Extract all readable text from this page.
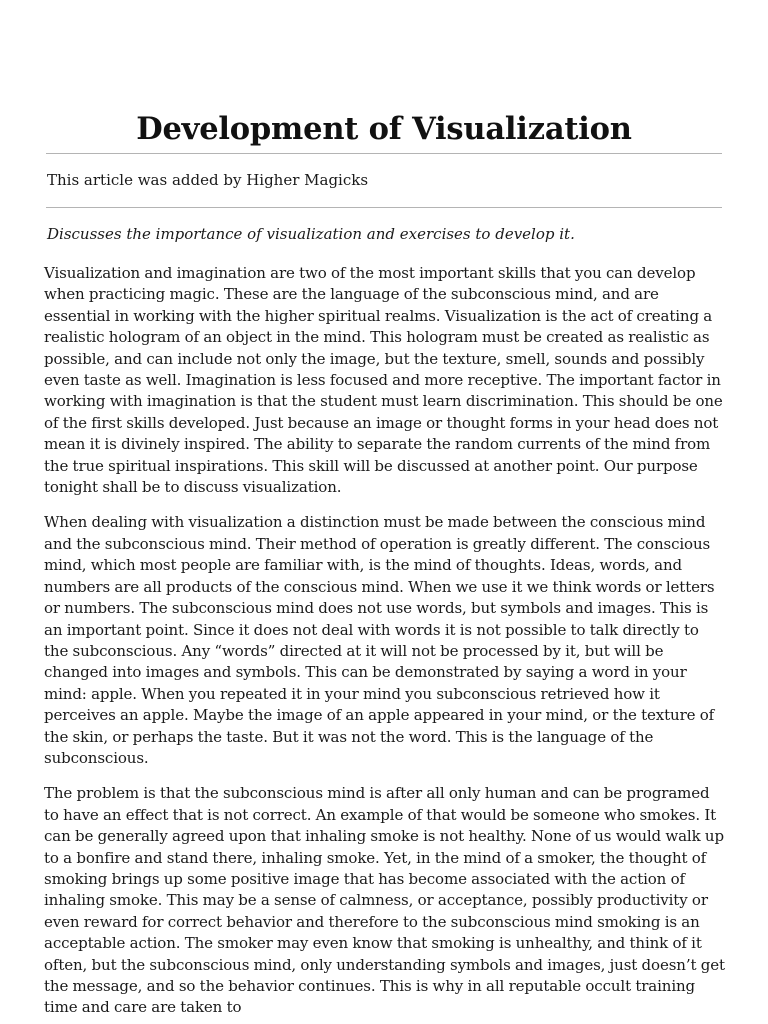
Development of Visualization
This article was added by Higher Magicks
Discusses the importance of visualization and exercises to develop it.

Visualization and imagination are two of the most important skills that you can develop when practicing magic. These are the language of the subconscious mind, and are essential in working with the higher spiritual realms. Visualization is the act of creating a realistic hologram of an object in the mind. This hologram must be created as realistic as possible, and can include not only the image, but the texture, smell, sounds and possibly even taste as well. Imagination is less focused and more receptive. The important factor in working with imagination is that the student must learn discrimination. This should be one of the first skills developed. Just because an image or thought forms in your head does not mean it is divinely inspired. The ability to separate the random currents of the mind from the true spiritual inspirations. This skill will be discussed at another point. Our purpose tonight shall be to discuss visualization.

When dealing with visualization a distinction must be made between the conscious mind and the subconscious mind. Their method of operation is greatly different. The conscious mind, which most people are familiar with, is the mind of thoughts. Ideas, words, and numbers are all products of the conscious mind. When we use it we think words or letters or numbers. The subconscious mind does not use words, but symbols and images. This is an important point. Since it does not deal with words it is not possible to talk directly to the subconscious. Any “words” directed at it will not be processed by it, but will be changed into images and symbols. This can be demonstrated by saying a word in your mind: apple. When you repeated it in your mind you subconscious retrieved how it perceives an apple. Maybe the image of an apple appeared in your mind, or the texture of the skin, or perhaps the taste. But it was not the word. This is the language of the subconscious.

The problem is that the subconscious mind is after all only human and can be programed to have an effect that is not correct. An example of that would be someone who smokes. It can be generally agreed upon that inhaling smoke is not healthy. None of us would walk up to a bonfire and stand there, inhaling smoke. Yet, in the mind of a smoker, the thought of smoking brings up some positive image that has become associated with the action of inhaling smoke. This may be a sense of calmness, or acceptance, possibly productivity or even reward for correct behavior and therefore to the subconscious mind smoking is an acceptable action. The smoker may even know that smoking is unhealthy, and think of it often, but the subconscious mind, only understanding symbols and images, just doesn’t get the message, and so the behavior continues. This is why in all reputable occult training time and care are taken to
